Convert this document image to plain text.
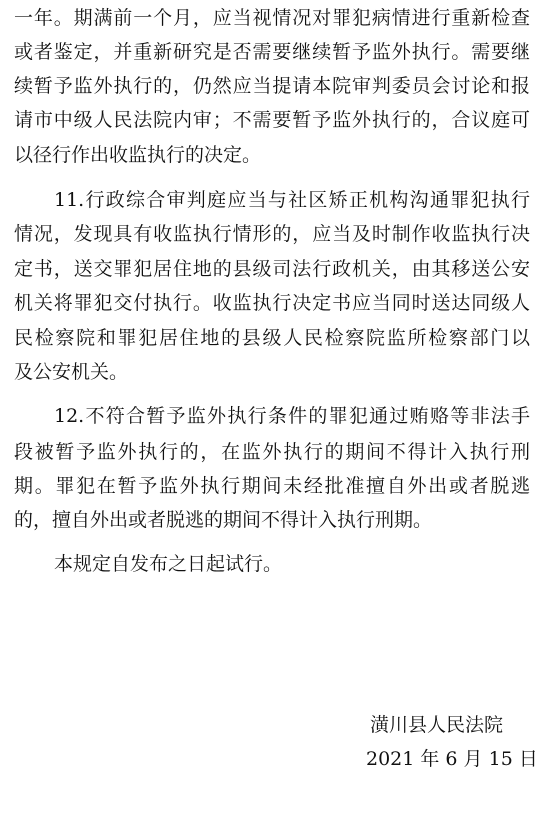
一年。期满前一个月，应当视情况对罪犯病情进行重新检查
或者鉴定，并重新研究是否需要继续暂予监外执行。需要继
续暂予监外执行的，仍然应当提请本院审判委员会讨论和报
请市中级人民法院内审；不需要暂予监外执行的，合议庭可
以径行作出收监执行的决定。
11.行政综合审判庭应当与社区矫正机构沟通罪犯执行
情况，发现具有收监执行情形的，应当及时制作收监执行决
定书，送交罪犯居住地的县级司法行政机关，由其移送公安
机关将罪犯交付执行。收监执行决定书应当同时送达同级人
民检察院和罪犯居住地的县级人民检察院监所检察部门以
及公安机关。
12.不符合暂予监外执行条件的罪犯通过贿赂等非法手
段被暂予监外执行的，在监外执行的期间不得计入执行刑
期。罪犯在暂予监外执行期间未经批准擅自外出或者脱逃
的，擅自外出或者脱逃的期间不得计入执行刑期。
本规定自发布之日起试行。
潢川县人民法院
2021 年 6 月 15 日
